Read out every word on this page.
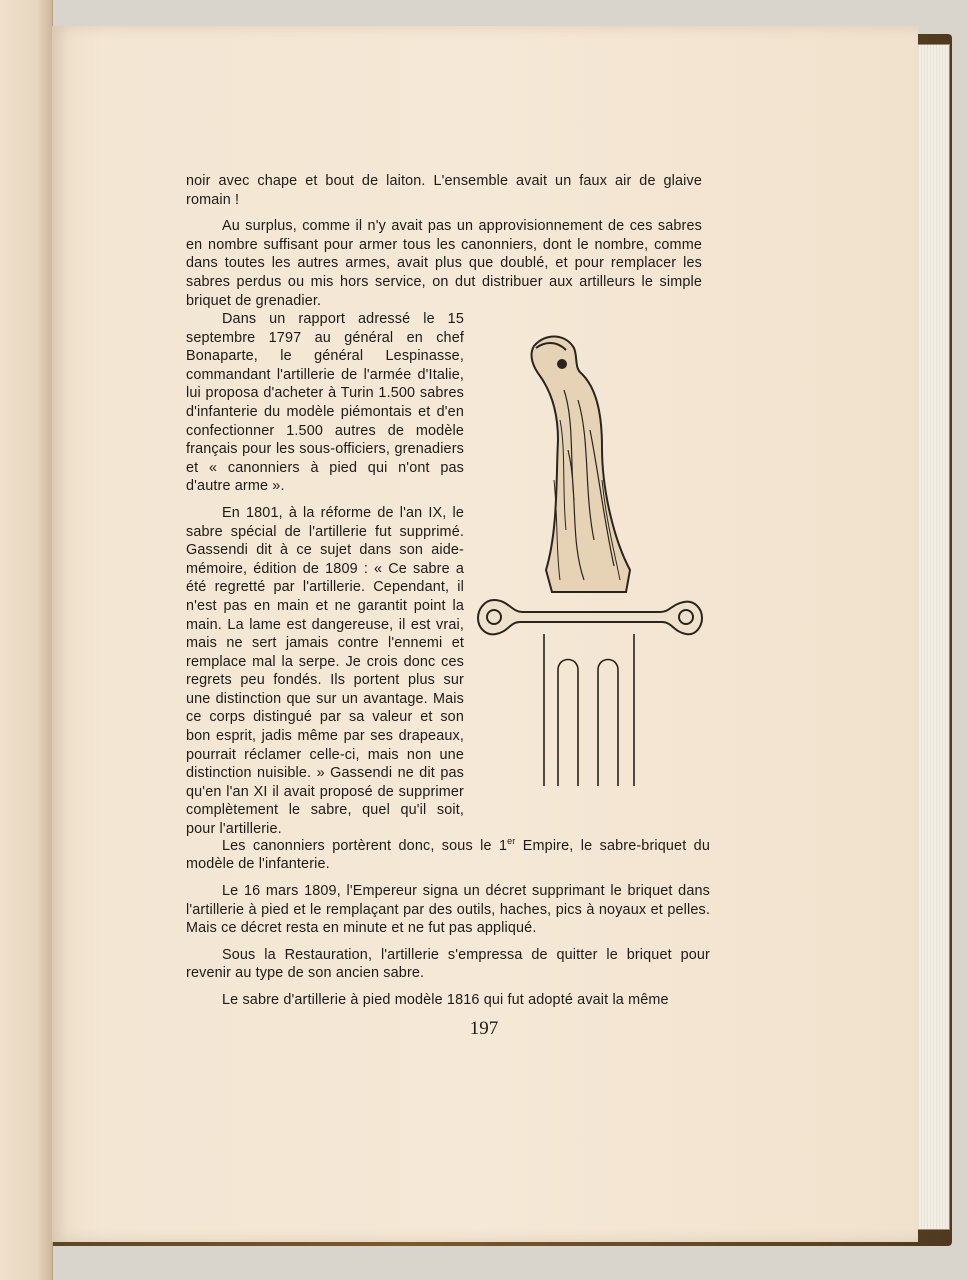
noir avec chape et bout de laiton. L'ensemble avait un faux air de glaive romain !

Au surplus, comme il n'y avait pas un approvisionnement de ces sabres en nombre suffisant pour armer tous les canonniers, dont le nombre, comme dans toutes les autres armes, avait plus que doublé, et pour remplacer les sabres perdus ou mis hors service, on dut distribuer aux artilleurs le simple briquet de grenadier.

Dans un rapport adressé le 15 septembre 1797 au général en chef Bonaparte, le général Lespinasse, commandant l'artillerie de l'armée d'Italie, lui proposa d'acheter à Turin 1.500 sabres d'infanterie du modèle piémontais et d'en confectionner 1.500 autres de modèle français pour les sous-officiers, grenadiers et « canonniers à pied qui n'ont pas d'autre arme ».

En 1801, à la réforme de l'an IX, le sabre spécial de l'artillerie fut supprimé. Gassendi dit à ce sujet dans son aide-mémoire, édition de 1809 : « Ce sabre a été regretté par l'artillerie. Cependant, il n'est pas en main et ne garantit point la main. La lame est dangereuse, il est vrai, mais ne sert jamais contre l'ennemi et remplace mal la serpe. Je crois donc ces regrets peu fondés. Ils portent plus sur une distinction que sur un avantage. Mais ce corps distingué par sa valeur et son bon esprit, jadis même par ses drapeaux, pourrait réclamer celle-ci, mais non une distinction nuisible. » Gassendi ne dit pas qu'en l'an XI il avait proposé de supprimer complètement le sabre, quel qu'il soit, pour l'artillerie.

Les canonniers portèrent donc, sous le 1er Empire, le sabre-briquet du modèle de l'infanterie.

Le 16 mars 1809, l'Empereur signa un décret supprimant le briquet dans l'artillerie à pied et le remplaçant par des outils, haches, pics à noyaux et pelles. Mais ce décret resta en minute et ne fut pas appliqué.

Sous la Restauration, l'artillerie s'empressa de quitter le briquet pour revenir au type de son ancien sabre.

Le sabre d'artillerie à pied modèle 1816 qui fut adopté avait la même

197
